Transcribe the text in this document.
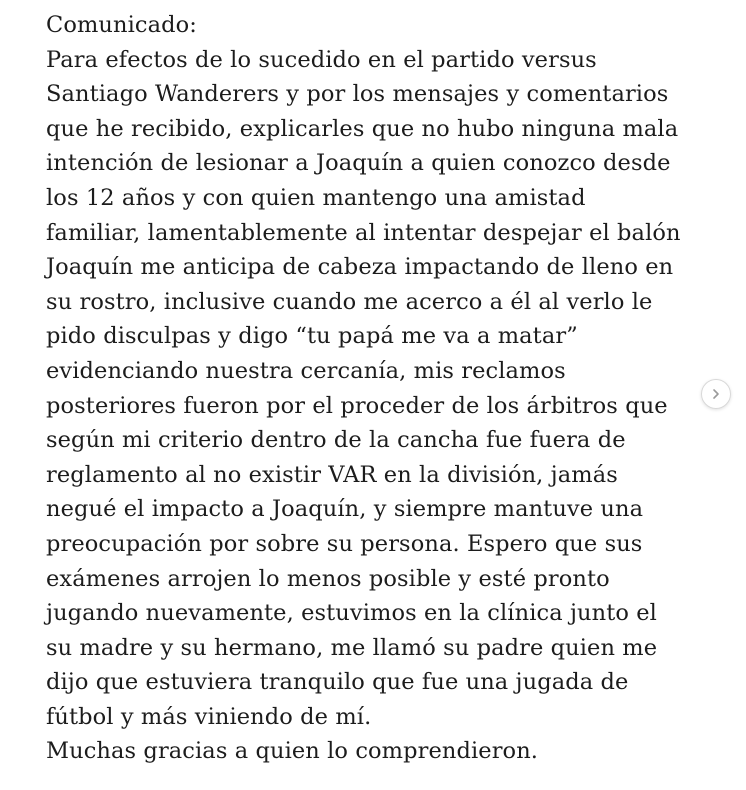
Comunicado:
Para efectos de lo sucedido en el partido versus
Santiago Wanderers y por los mensajes y comentarios
que he recibido, explicarles que no hubo ninguna mala
intención de lesionar a Joaquín a quien conozco desde
los 12 años y con quien mantengo una amistad
familiar, lamentablemente al intentar despejar el balón
Joaquín me anticipa de cabeza impactando de lleno en
su rostro, inclusive cuando me acerco a él al verlo le
pido disculpas y digo “tu papá me va a matar”
evidenciando nuestra cercanía, mis reclamos
posteriores fueron por el proceder de los árbitros que
según mi criterio dentro de la cancha fue fuera de
reglamento al no existir VAR en la división, jamás
negué el impacto a Joaquín, y siempre mantuve una
preocupación por sobre su persona. Espero que sus
exámenes arrojen lo menos posible y esté pronto
jugando nuevamente, estuvimos en la clínica junto el
su madre y su hermano, me llamó su padre quien me
dijo que estuviera tranquilo que fue una jugada de
fútbol y más viniendo de mí.
Muchas gracias a quien lo comprendieron.
